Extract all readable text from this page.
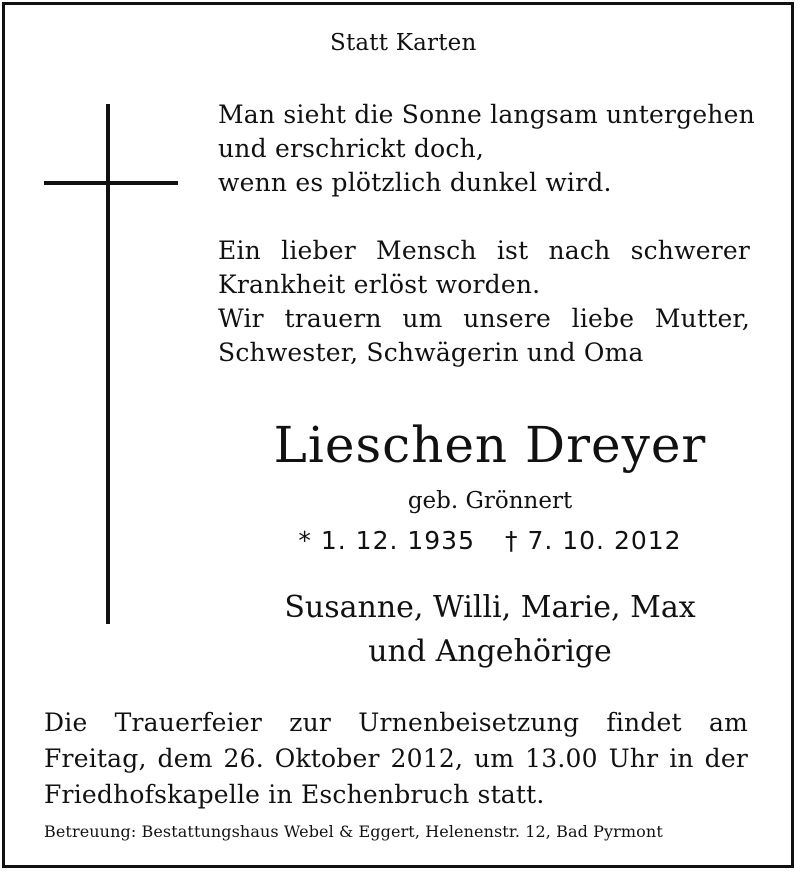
Statt Karten
Man sieht die Sonne langsam untergehen
und erschrickt doch,
wenn es plötzlich dunkel wird.
Ein lieber Mensch ist nach schwerer
Krankheit erlöst worden.
Wir trauern um unsere liebe Mutter,
Schwester, Schwägerin und Oma
Lieschen Dreyer
geb. Grönnert
* 1. 12. 1935 † 7. 10. 2012
Susanne, Willi, Marie, Max
und Angehörige
Die Trauerfeier zur Urnenbeisetzung findet am
Freitag, dem 26. Oktober 2012, um 13.00 Uhr in der
Friedhofskapelle in Eschenbruch statt.
Betreuung: Bestattungshaus Webel & Eggert, Helenenstr. 12, Bad Pyrmont
